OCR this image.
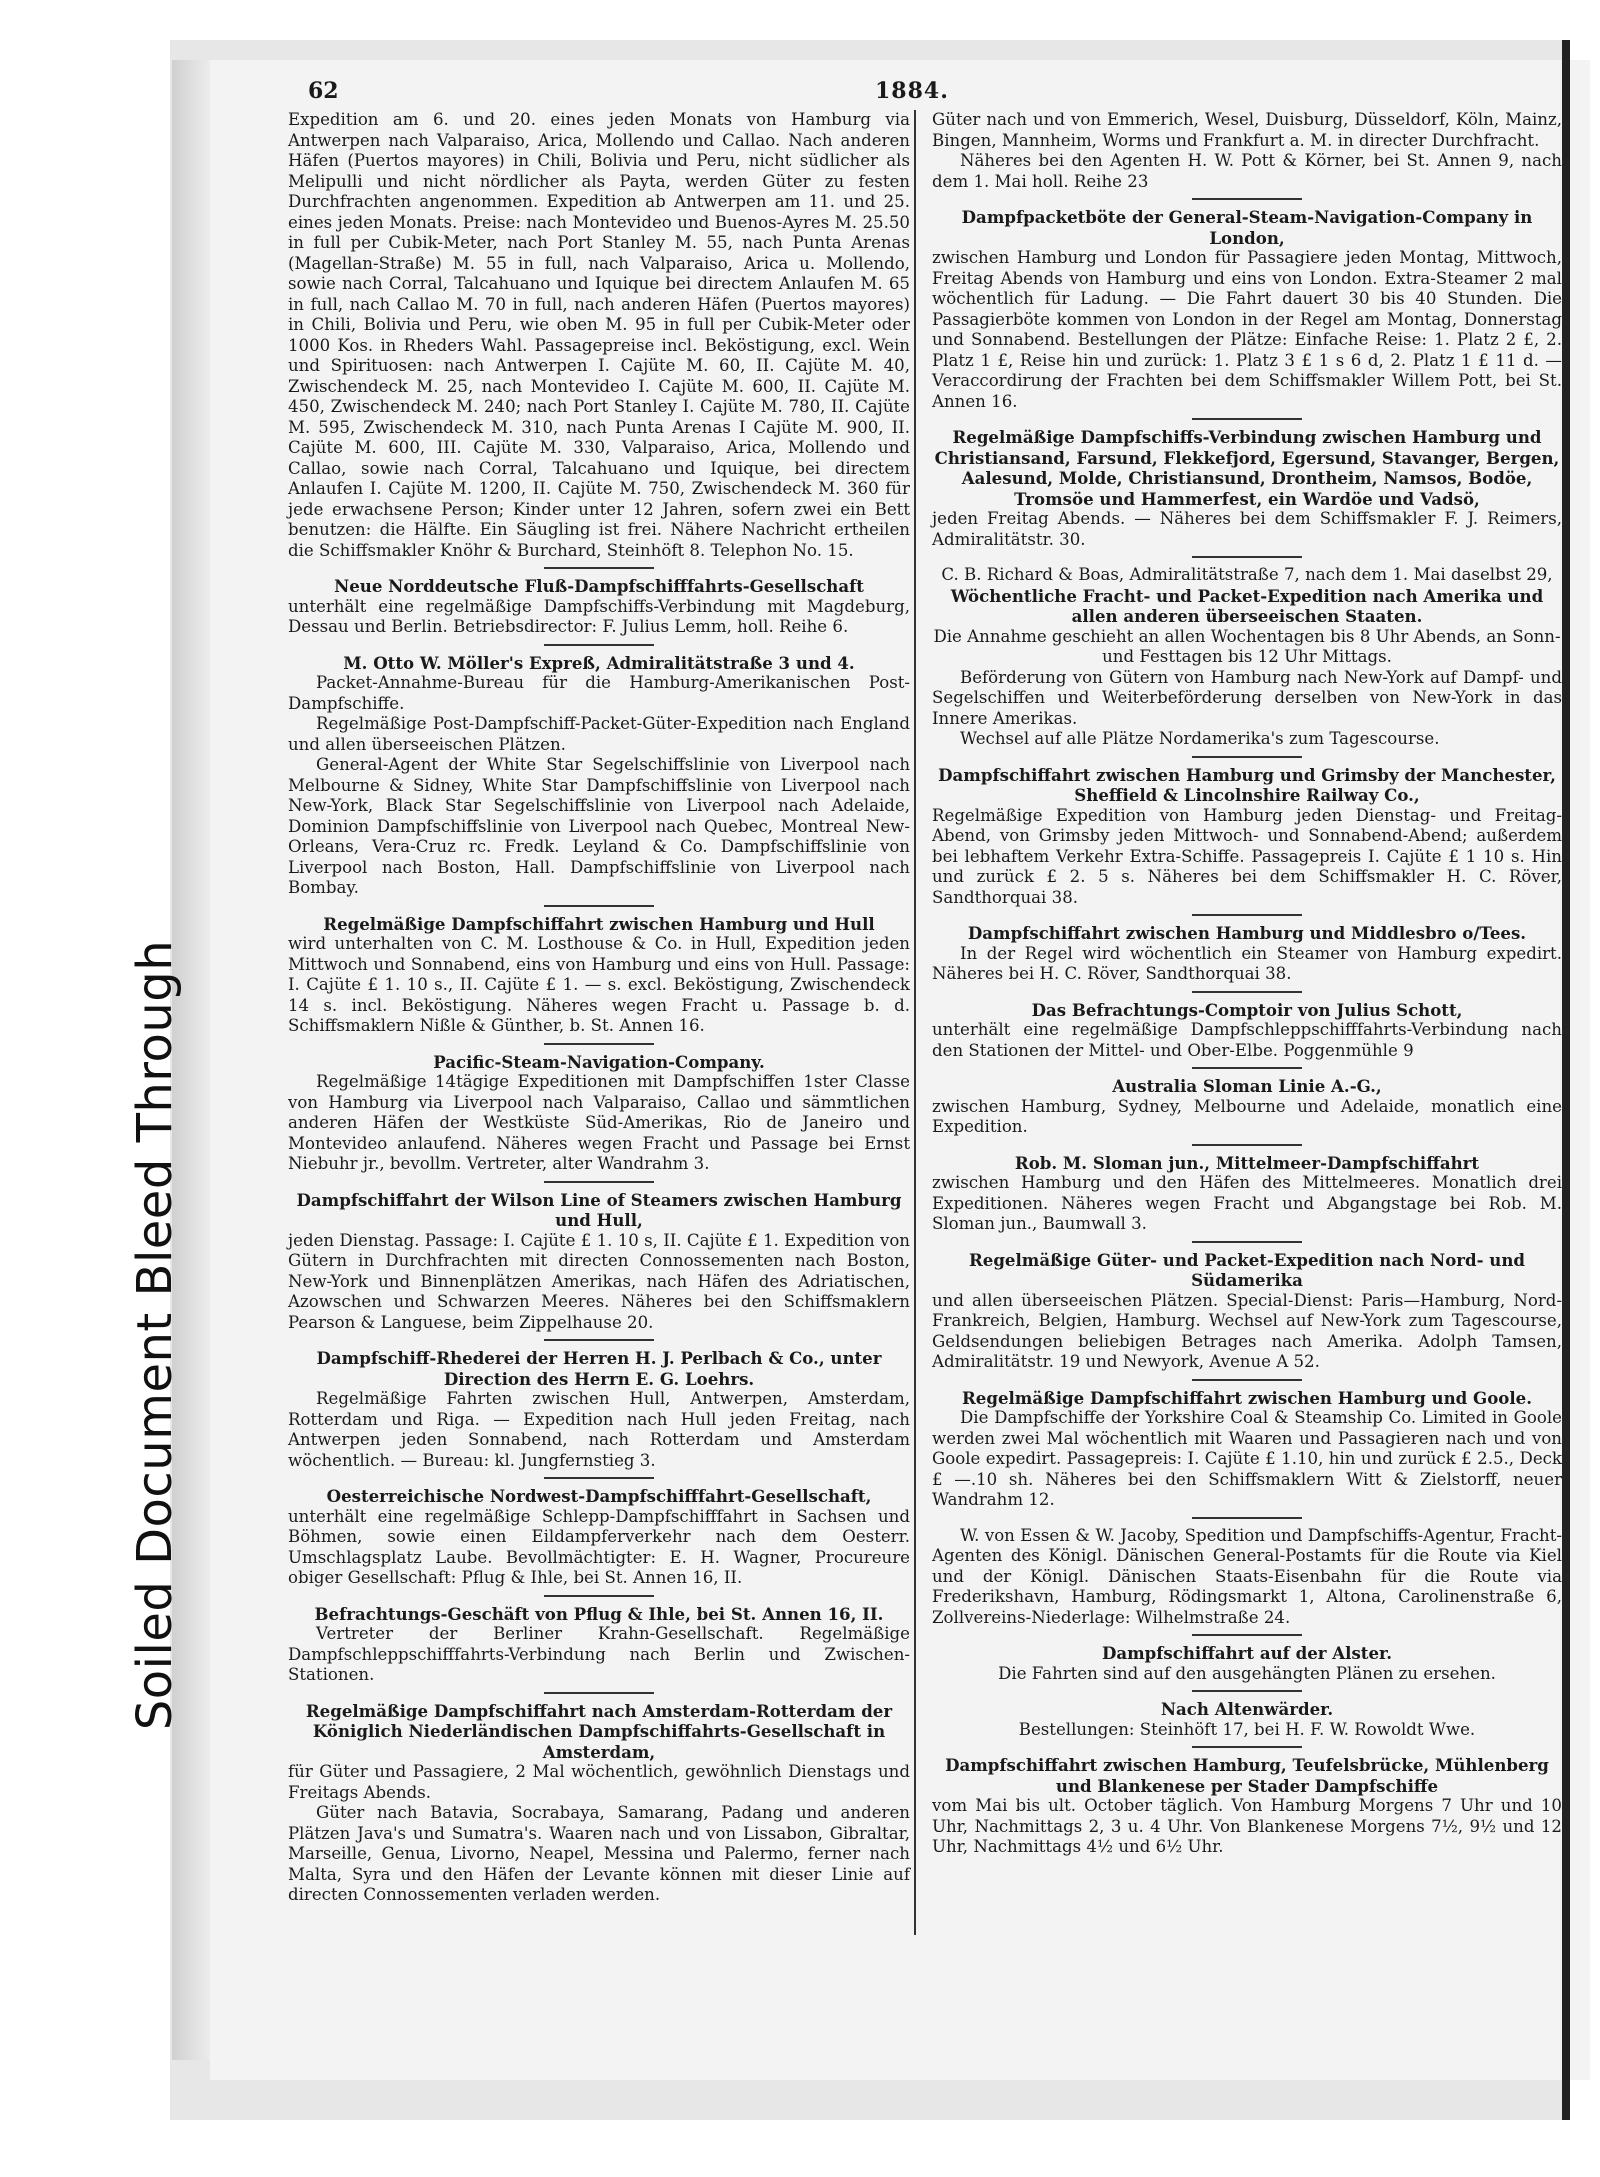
Soiled Document Bleed Through
62	1884.

Expedition am 6. und 20. eines jeden Monats von Hamburg via Antwerpen nach Valparaiso, Arica, Mollendo und Callao. Nach anderen Häfen (Puertos mayores) in Chili, Bolivia und Peru, nicht südlicher als Melipulli und nicht nördlicher als Payta, werden Güter zu festen Durchfrachten angenommen. Expedition ab Antwerpen am 11. und 25. eines jeden Monats. Preise: nach Montevideo und Buenos-Ayres M. 25.50 in full per Cubik-Meter, nach Port Stanley M. 55, nach Punta Arenas (Magellan-Straße) M. 55 in full, nach Valparaiso, Arica u. Mollendo, sowie nach Corral, Talcahuano und Iquique bei directem Anlaufen M. 65 in full, nach Callao M. 70 in full, nach anderen Häfen (Puertos mayores) in Chili, Bolivia und Peru, wie oben M. 95 in full per Cubik-Meter oder 1000 Kos. in Rheders Wahl. Passagepreise incl. Beköstigung, excl. Wein und Spirituosen: nach Antwerpen I. Cajüte M. 60, II. Cajüte M. 40, Zwischendeck M. 25, nach Montevideo I. Cajüte M. 600, II. Cajüte M. 450, Zwischendeck M. 240; nach Port Stanley I. Cajüte M. 780, II. Cajüte M. 595, Zwischendeck M. 310, nach Punta Arenas I Cajüte M. 900, II. Cajüte M. 600, III. Cajüte M. 330, Valparaiso, Arica, Mollendo und Callao, sowie nach Corral, Talcahuano und Iquique, bei directem Anlaufen I. Cajüte M. 1200, II. Cajüte M. 750, Zwischendeck M. 360 für jede erwachsene Person; Kinder unter 12 Jahren, sofern zwei ein Bett benutzen: die Hälfte. Ein Säugling ist frei. Nähere Nachricht ertheilen die Schiffsmakler Knöhr & Burchard, Steinhöft 8. Telephon No. 15.

Neue Norddeutsche Fluß-Dampfschifffahrts-Gesellschaft

unterhält eine regelmäßige Dampfschiffs-Verbindung mit Magdeburg, Dessau und Berlin. Betriebsdirector: F. Julius Lemm, holl. Reihe 6.

M. Otto W. Möller's Expreß, Admiralitätstraße 3 und 4.

Packet-Annahme-Bureau für die Hamburg-Amerikanischen Post-Dampfschiffe.

Regelmäßige Post-Dampfschiff-Packet-Güter-Expedition nach England und allen überseeischen Plätzen.

General-Agent der White Star Segelschiffslinie von Liverpool nach Melbourne & Sidney, White Star Dampfschiffslinie von Liverpool nach New-York, Black Star Segelschiffslinie von Liverpool nach Adelaide, Dominion Dampfschiffslinie von Liverpool nach Quebec, Montreal New-Orleans, Vera-Cruz rc. Fredk. Leyland & Co. Dampfschiffslinie von Liverpool nach Boston, Hall. Dampfschiffslinie von Liverpool nach Bombay.

Regelmäßige Dampfschiffahrt zwischen Hamburg und Hull

wird unterhalten von C. M. Losthouse & Co. in Hull, Expedition jeden Mittwoch und Sonnabend, eins von Hamburg und eins von Hull. Passage: I. Cajüte £ 1. 10 s., II. Cajüte £ 1. — s. excl. Beköstigung, Zwischendeck 14 s. incl. Beköstigung. Näheres wegen Fracht u. Passage b. d. Schiffsmaklern Nißle & Günther, b. St. Annen 16.

Pacific-Steam-Navigation-Company.

Regelmäßige 14tägige Expeditionen mit Dampfschiffen 1ster Classe von Hamburg via Liverpool nach Valparaiso, Callao und sämmtlichen anderen Häfen der Westküste Süd-Amerikas, Rio de Janeiro und Montevideo anlaufend. Näheres wegen Fracht und Passage bei Ernst Niebuhr jr., bevollm. Vertreter, alter Wandrahm 3.

Dampfschiffahrt der Wilson Line of Steamers zwischen Hamburg und Hull,

jeden Dienstag. Passage: I. Cajüte £ 1. 10 s, II. Cajüte £ 1. Expedition von Gütern in Durchfrachten mit directen Connossementen nach Boston, New-York und Binnenplätzen Amerikas, nach Häfen des Adriatischen, Azowschen und Schwarzen Meeres. Näheres bei den Schiffsmaklern Pearson & Languese, beim Zippelhause 20.

Dampfschiff-Rhederei der Herren H. J. Perlbach & Co., unter Direction des Herrn E. G. Loehrs.

Regelmäßige Fahrten zwischen Hull, Antwerpen, Amsterdam, Rotterdam und Riga. — Expedition nach Hull jeden Freitag, nach Antwerpen jeden Sonnabend, nach Rotterdam und Amsterdam wöchentlich. — Bureau: kl. Jungfernstieg 3.

Oesterreichische Nordwest-Dampfschifffahrt-Gesellschaft,

unterhält eine regelmäßige Schlepp-Dampfschifffahrt in Sachsen und Böhmen, sowie einen Eildampferverkehr nach dem Oesterr. Umschlagsplatz Laube. Bevollmächtigter: E. H. Wagner, Procureure obiger Gesellschaft: Pflug & Ihle, bei St. Annen 16, II.

Befrachtungs-Geschäft von Pflug & Ihle, bei St. Annen 16, II.

Vertreter der Berliner Krahn-Gesellschaft. Regelmäßige Dampfschleppschifffahrts-Verbindung nach Berlin und Zwischen-Stationen.

Regelmäßige Dampfschiffahrt nach Amsterdam-Rotterdam der Königlich Niederländischen Dampfschiffahrts-Gesellschaft in Amsterdam,

für Güter und Passagiere, 2 Mal wöchentlich, gewöhnlich Dienstags und Freitags Abends.

Güter nach Batavia, Socrabaya, Samarang, Padang und anderen Plätzen Java's und Sumatra's. Waaren nach und von Lissabon, Gibraltar, Marseille, Genua, Livorno, Neapel, Messina und Palermo, ferner nach Malta, Syra und den Häfen der Levante können mit dieser Linie auf directen Connossementen verladen werden.

Güter nach und von Emmerich, Wesel, Duisburg, Düsseldorf, Köln, Mainz, Bingen, Mannheim, Worms und Frankfurt a. M. in directer Durchfracht.

Näheres bei den Agenten H. W. Pott & Körner, bei St. Annen 9, nach dem 1. Mai holl. Reihe 23

Dampfpacketböte der General-Steam-Navigation-Company in London,

zwischen Hamburg und London für Passagiere jeden Montag, Mittwoch, Freitag Abends von Hamburg und eins von London. Extra-Steamer 2 mal wöchentlich für Ladung. — Die Fahrt dauert 30 bis 40 Stunden. Die Passagierböte kommen von London in der Regel am Montag, Donnerstag und Sonnabend. Bestellungen der Plätze: Einfache Reise: 1. Platz 2 £, 2. Platz 1 £, Reise hin und zurück: 1. Platz 3 £ 1 s 6 d, 2. Platz 1 £ 11 d. — Veraccordirung der Frachten bei dem Schiffsmakler Willem Pott, bei St. Annen 16.

Regelmäßige Dampfschiffs-Verbindung zwischen Hamburg und Christiansand, Farsund, Flekkefjord, Egersund, Stavanger, Bergen, Aalesund, Molde, Christiansund, Drontheim, Namsos, Bodöe, Tromsöe und Hammerfest, ein Wardöe und Vadsö,

jeden Freitag Abends. — Näheres bei dem Schiffsmakler F. J. Reimers, Admiralitätstr. 30.

C. B. Richard & Boas, Admiralitätstraße 7, nach dem 1. Mai daselbst 29,

Wöchentliche Fracht- und Packet-Expedition nach Amerika und allen anderen überseeischen Staaten.

Die Annahme geschieht an allen Wochentagen bis 8 Uhr Abends, an Sonn- und Festtagen bis 12 Uhr Mittags.

Beförderung von Gütern von Hamburg nach New-York auf Dampf- und Segelschiffen und Weiterbeförderung derselben von New-York in das Innere Amerikas.

Wechsel auf alle Plätze Nordamerika's zum Tagescourse.

Dampfschiffahrt zwischen Hamburg und Grimsby der Manchester, Sheffield & Lincolnshire Railway Co.,

Regelmäßige Expedition von Hamburg jeden Dienstag- und Freitag-Abend, von Grimsby jeden Mittwoch- und Sonnabend-Abend; außerdem bei lebhaftem Verkehr Extra-Schiffe. Passagepreis I. Cajüte £ 1 10 s. Hin und zurück £ 2. 5 s. Näheres bei dem Schiffsmakler H. C. Röver, Sandthorquai 38.

Dampfschiffahrt zwischen Hamburg und Middlesbro o/Tees.

In der Regel wird wöchentlich ein Steamer von Hamburg expedirt. Näheres bei H. C. Röver, Sandthorquai 38.

Das Befrachtungs-Comptoir von Julius Schott,

unterhält eine regelmäßige Dampfschleppschifffahrts-Verbindung nach den Stationen der Mittel- und Ober-Elbe. Poggenmühle 9

Australia Sloman Linie A.-G.,

zwischen Hamburg, Sydney, Melbourne und Adelaide, monatlich eine Expedition.

Rob. M. Sloman jun., Mittelmeer-Dampfschiffahrt

zwischen Hamburg und den Häfen des Mittelmeeres. Monatlich drei Expeditionen. Näheres wegen Fracht und Abgangstage bei Rob. M. Sloman jun., Baumwall 3.

Regelmäßige Güter- und Packet-Expedition nach Nord- und Südamerika

und allen überseeischen Plätzen. Special-Dienst: Paris—Hamburg, Nord-Frankreich, Belgien, Hamburg. Wechsel auf New-York zum Tagescourse, Geldsendungen beliebigen Betrages nach Amerika. Adolph Tamsen, Admiralitätstr. 19 und Newyork, Avenue A 52.

Regelmäßige Dampfschiffahrt zwischen Hamburg und Goole.

Die Dampfschiffe der Yorkshire Coal & Steamship Co. Limited in Goole werden zwei Mal wöchentlich mit Waaren und Passagieren nach und von Goole expedirt. Passagepreis: I. Cajüte £ 1.10, hin und zurück £ 2.5., Deck £ —.10 sh. Näheres bei den Schiffsmaklern Witt & Zielstorff, neuer Wandrahm 12.

W. von Essen & W. Jacoby, Spedition und Dampfschiffs-Agentur, Fracht-Agenten des Königl. Dänischen General-Postamts für die Route via Kiel und der Königl. Dänischen Staats-Eisenbahn für die Route via Frederikshavn, Hamburg, Rödingsmarkt 1, Altona, Carolinenstraße 6, Zollvereins-Niederlage: Wilhelmstraße 24.

Dampfschiffahrt auf der Alster.

Die Fahrten sind auf den ausgehängten Plänen zu ersehen.

Nach Altenwärder.

Bestellungen: Steinhöft 17, bei H. F. W. Rowoldt Wwe.

Dampfschiffahrt zwischen Hamburg, Teufelsbrücke, Mühlenberg und Blankenese per Stader Dampfschiffe

vom Mai bis ult. October täglich. Von Hamburg Morgens 7 Uhr und 10 Uhr, Nachmittags 2, 3 u. 4 Uhr. Von Blankenese Morgens 7½, 9½ und 12 Uhr, Nachmittags 4½ und 6½ Uhr.
